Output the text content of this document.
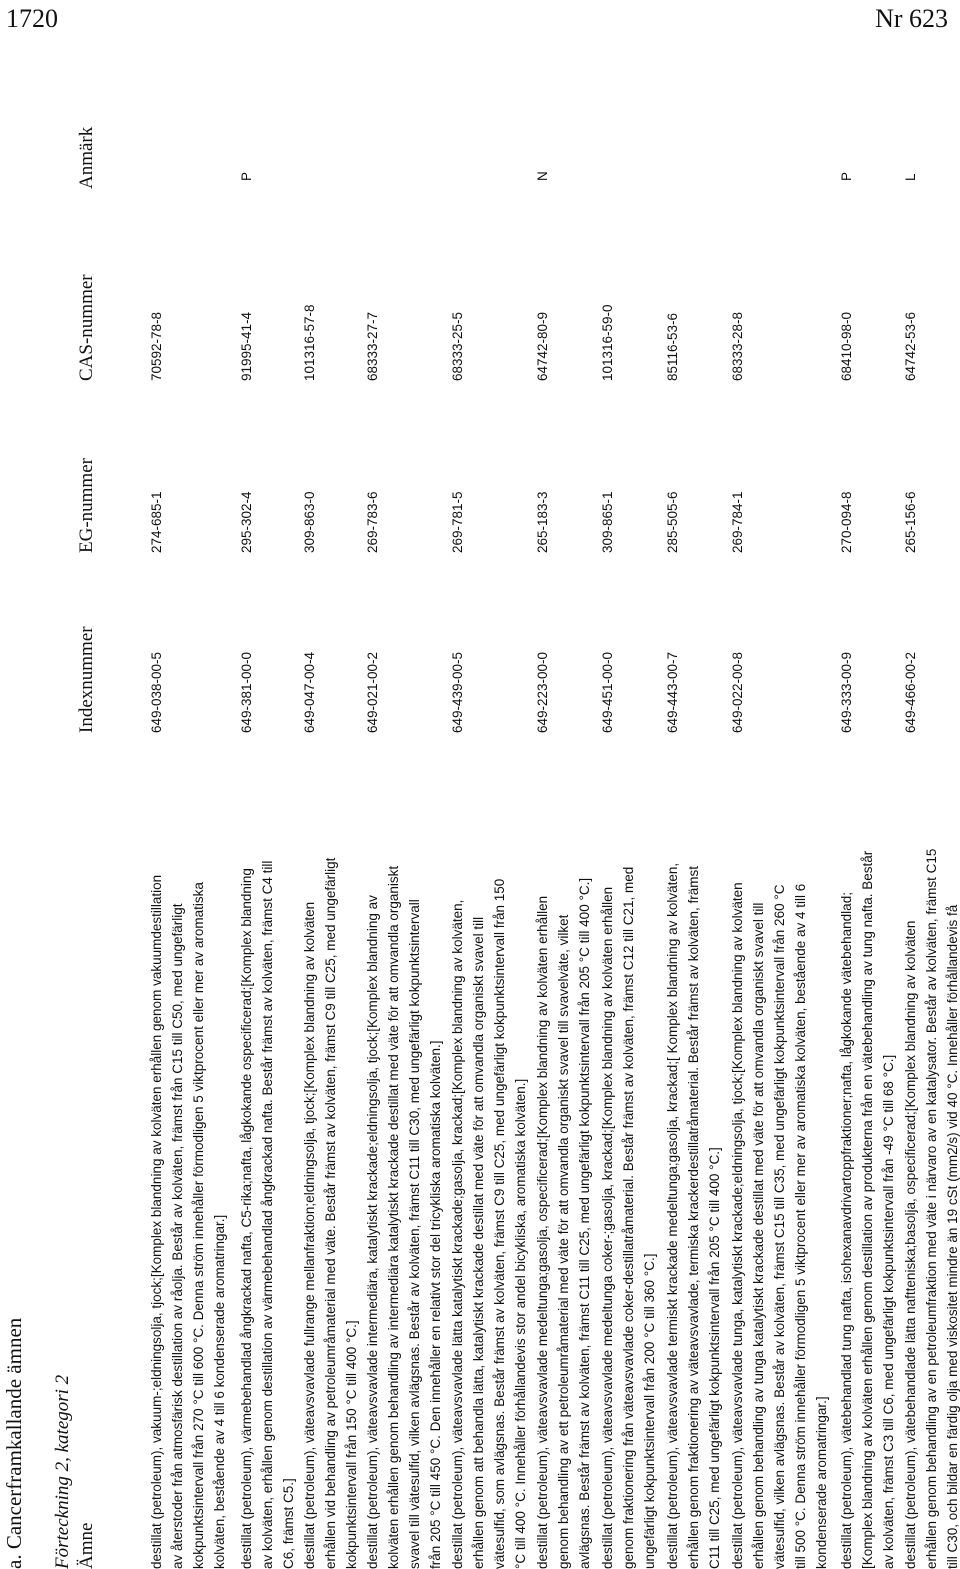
1720	Nr 623
a. Cancerframkallande ämnen Förteckning 2, kategori 2 Ämne
Indexnummer
EG-nummer
CAS-nummer
Anmärk
destillat (petroleum), vakuum-;eldningsolja, tjock;[Komplex blandning av kolväten erhållen genom vakuumdestillation av återstoder från atmosfärisk destillation av råolja. Består av kolväten, främst från C15 till C50, med ungefärligt kokpunktsintervall från 270 °C till 600 °C. Denna ström innehåller förmodligen 5 viktprocent eller mer av aromatiska kolväten, bestående av 4 till 6 kondenserade aromatringar.]
649-038-00-5
274-685-1
70592-78-8
destillat (petroleum), värmebehandlad ångkrackad nafta, C5-rika;nafta, lågkokande ospecificerad;[Komplex blandning av kolväten, erhållen genom destillation av värmebehandlad ångkrackad nafta. Består främst av kolväten, främst C4 till C6, främst C5.]
649-381-00-0
295-302-4
91995-41-4
P
destillat (petroleum), väteavsvavlade fullrange mellanfraktion;eldningsolja, tjock;[Komplex blandning av kolväten erhållen vid behandling av petroleumråmaterial med väte. Består främst av kolväten, främst C9 till C25, med ungefärligt kokpunktsintervall från 150 °C till 400 °C.]
649-047-00-4
309-863-0
101316-57-8
destillat (petroleum), väteavsvavlade intermediära, katalytiskt krackade;eldningsolja, tjock;[Komplex blandning av kolväten erhållen genom behandling av intermediära katalytiskt krackade destillat med väte för att omvandla organiskt svavel till vätesulfid, vilken avlägsnas. Består av kolväten, främst C11 till C30, med ungefärligt kokpunktsintervall från 205 °C till 450 °C. Den innehåller en relativt stor del tricykliska aromatiska kolväten.]
649-021-00-2
269-783-6
68333-27-7
destillat (petroleum), väteavsvavlade lätta katalytiskt krackade;gasolja, krackad;[Komplex blandning av kolväten, erhållen genom att behandla lätta, katalytiskt krackade destillat med väte för att omvandla organiskt svavel till vätesulfid, som avlägsnas. Består främst av kolväten, främst C9 till C25, med ungefärligt kokpunktsintervall från 150 °C till 400 °C. Innehåller förhållandevis stor andel bicykliska, aromatiska kolväten.]
649-439-00-5
269-781-5
68333-25-5
destillat (petroleum), väteavsvavlade medeltunga;gasolja, ospecificerad;[Komplex blandning av kolväten erhållen genom behandling av ett petroleumråmaterial med väte för att omvandla organiskt svavel till svavelväte, vilket avlägsnas. Består främst av kolväten, främst C11 till C25, med ungefärligt kokpunktsintervall från 205 °C till 400 °C.]
649-223-00-0
265-183-3
64742-80-9
N
destillat (petroleum), väteavsvavlade medeltunga coker-;gasolja, krackad;[Komplex blandning av kolväten erhållen genom fraktionering från väteavsvavlade coker-destillatråmaterial. Består främst av kolväten, främst C12 till C21, med ungefärligt kokpunktsintervall från 200 °C till 360 °C.]
649-451-00-0
309-865-1
101316-59-0
destillat (petroleum), väteavsvavlade termiskt krackade medeltunga;gasolja, krackad;[ Komplex blandning av kolväten, erhållen genom fraktionering av väteavsvavlade, termiska krackerdestillatråmaterial. Består främst av kolväten, främst C11 till C25, med ungefärligt kokpunktsintervall från 205 °C till 400 °C.]
649-443-00-7
285-505-6
85116-53-6
destillat (petroleum), väteavsvavlade tunga, katalytiskt krackade;eldningsolja, tjock;[Komplex blandning av kolväten erhållen genom behandling av tunga katalytiskt krackade destillat med väte för att omvandla organiskt svavel till vätesulfid, vilken avlägsnas. Består av kolväten, främst C15 till C35, med ungefärligt kokpunktsintervall från 260 °C till 500 °C. Denna ström innehåller förmodligen 5 viktprocent eller mer av aromatiska kolväten, bestående av 4 till 6 kondenserade aromatringar.]
649-022-00-8
269-784-1
68333-28-8
destillat (petroleum), vätebehandlad tung nafta, isohexanavdrivartoppfraktioner;nafta, lågkokande vätebehandlad; [Komplex blandning av kolväten erhållen genom destillation av produkterna från en vätebehandling av tung nafta. Består av kolväten, främst C3 till C6, med ungefärligt kokpunktsintervall från -49 °C till 68 °C.]
649-333-00-9
270-094-8
68410-98-0
P
destillat (petroleum), vätebehandlade lätta naftteniska;basolja, ospecificerad;[Komplex blandning av kolväten erhållen genom behandling av en petroleumfraktion med väte i närvaro av en katalysator. Består av kolväten, främst C15 till C30, och bildar en färdig olja med viskositet mindre än 19 cSt (mm2/s) vid 40 °C. Innehåller förhållandevis få
649-466-00-2
265-156-6
64742-53-6
L
